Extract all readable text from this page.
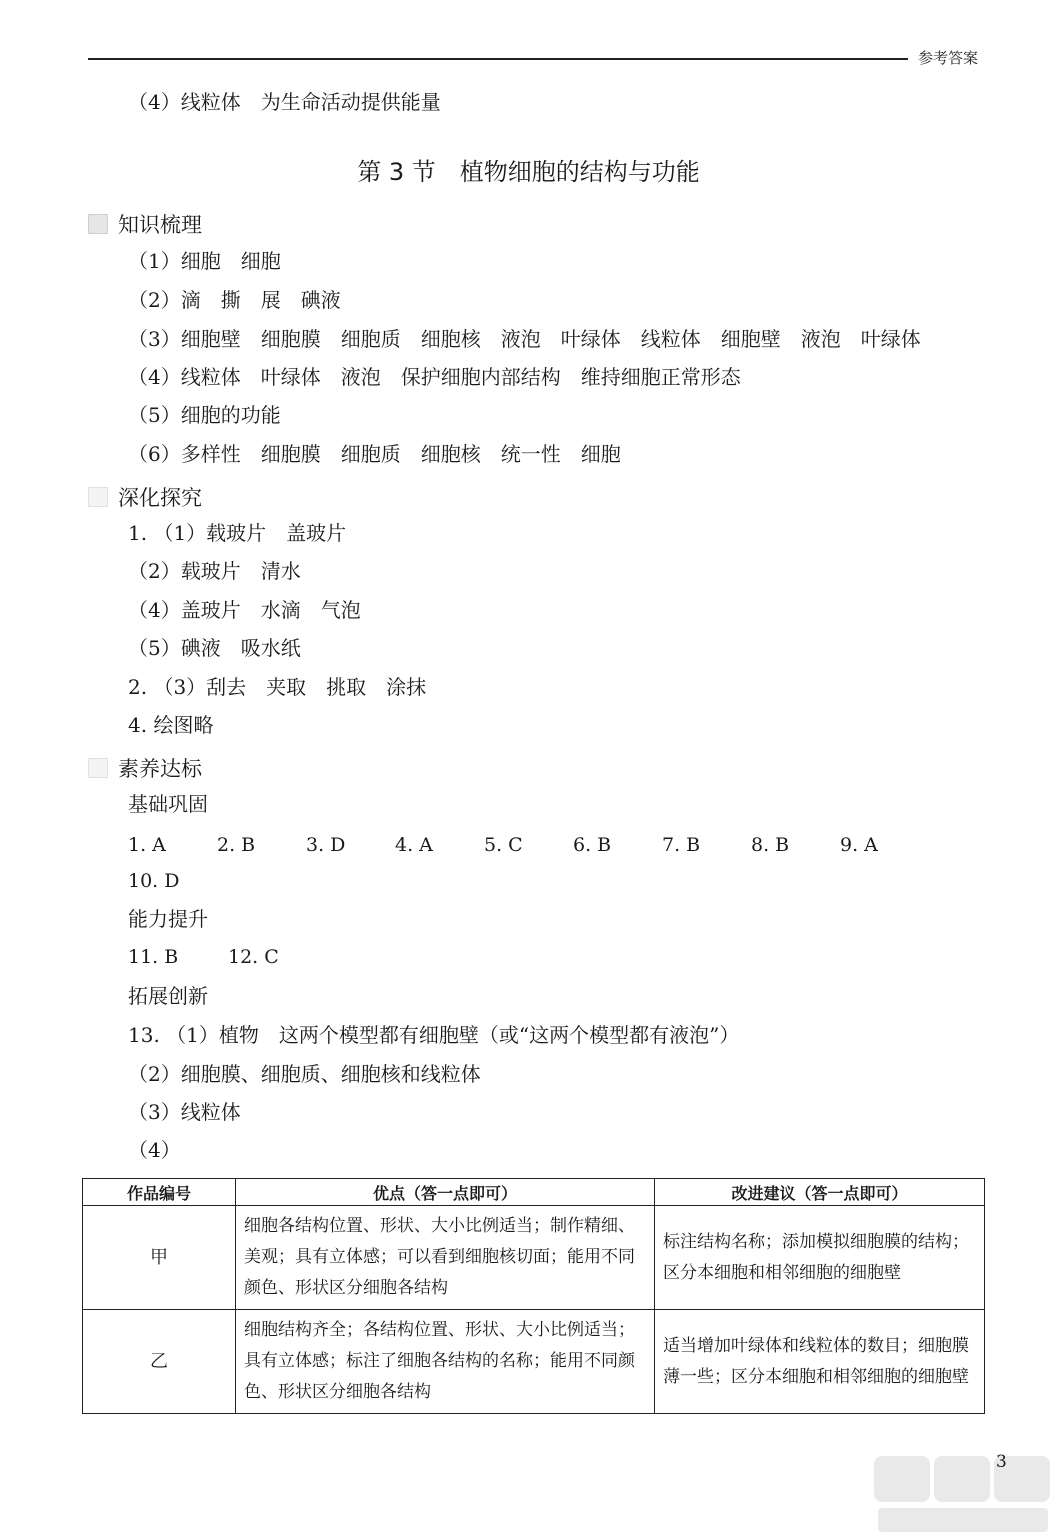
参考答案
（4）线粒体　为生命活动提供能量
第 3 节　植物细胞的结构与功能
知识梳理
（1）细胞　细胞
（2）滴　撕　展　碘液
（3）细胞壁　细胞膜　细胞质　细胞核　液泡　叶绿体　线粒体　细胞壁　液泡　叶绿体
（4）线粒体　叶绿体　液泡　保护细胞内部结构　维持细胞正常形态
（5）细胞的功能
（6）多样性　细胞膜　细胞质　细胞核　统一性　细胞
深化探究
1. （1）载玻片　盖玻片
（2）载玻片　清水
（4）盖玻片　水滴　气泡
（5）碘液　吸水纸
2. （3）刮去　夹取　挑取　涂抹
4. 绘图略
素养达标
基础巩固
1. A	2. B	3. D	4. A	5. C	6. B	7. B	8. B	9. A
10. D
能力提升
11. B	12. C
拓展创新
13. （1）植物　这两个模型都有细胞壁（或“这两个模型都有液泡”）
（2）细胞膜、细胞质、细胞核和线粒体
（3）线粒体
（4）
作品编号	优点（答一点即可）	改进建议（答一点即可）
甲	细胞各结构位置、形状、大小比例适当；制作精细、美观；具有立体感；可以看到细胞核切面；能用不同颜色、形状区分细胞各结构	标注结构名称；添加模拟细胞膜的结构；区分本细胞和相邻细胞的细胞壁
乙	细胞结构齐全；各结构位置、形状、大小比例适当；具有立体感；标注了细胞各结构的名称；能用不同颜色、形状区分细胞各结构	适当增加叶绿体和线粒体的数目；细胞膜薄一些；区分本细胞和相邻细胞的细胞壁
3
